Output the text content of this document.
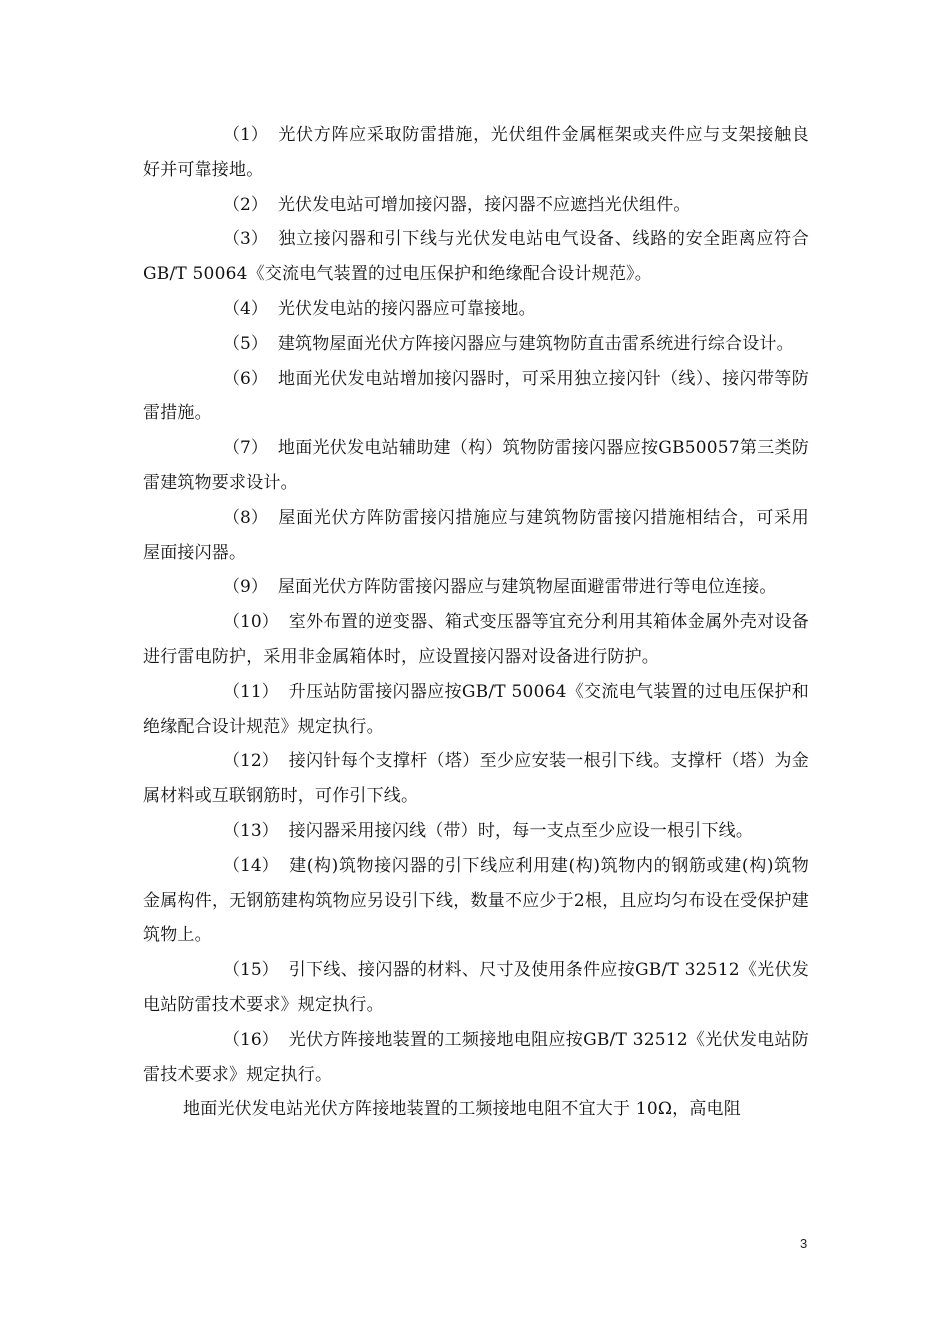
（1） 光伏方阵应采取防雷措施，光伏组件金属框架或夹件应与支架接触良好并可靠接地。

（2） 光伏发电站可增加接闪器，接闪器不应遮挡光伏组件。

（3） 独立接闪器和引下线与光伏发电站电气设备、线路的安全距离应符合GB/T 50064《交流电气装置的过电压保护和绝缘配合设计规范》。

（4） 光伏发电站的接闪器应可靠接地。

（5） 建筑物屋面光伏方阵接闪器应与建筑物防直击雷系统进行综合设计。

（6） 地面光伏发电站增加接闪器时，可采用独立接闪针（线）、接闪带等防雷措施。

（7） 地面光伏发电站辅助建（构）筑物防雷接闪器应按GB50057第三类防雷建筑物要求设计。

（8） 屋面光伏方阵防雷接闪措施应与建筑物防雷接闪措施相结合，可采用屋面接闪器。

（9） 屋面光伏方阵防雷接闪器应与建筑物屋面避雷带进行等电位连接。

（10） 室外布置的逆变器、箱式变压器等宜充分利用其箱体金属外壳对设备进行雷电防护，采用非金属箱体时，应设置接闪器对设备进行防护。

（11） 升压站防雷接闪器应按GB/T 50064《交流电气装置的过电压保护和绝缘配合设计规范》规定执行。

（12） 接闪针每个支撑杆（塔）至少应安装一根引下线。支撑杆（塔）为金属材料或互联钢筋时，可作引下线。

（13） 接闪器采用接闪线（带）时，每一支点至少应设一根引下线。

（14） 建(构)筑物接闪器的引下线应利用建(构)筑物内的钢筋或建(构)筑物金属构件，无钢筋建构筑物应另设引下线，数量不应少于2根，且应均匀布设在受保护建筑物上。

（15） 引下线、接闪器的材料、尺寸及使用条件应按GB/T 32512《光伏发电站防雷技术要求》规定执行。

（16） 光伏方阵接地装置的工频接地电阻应按GB/T 32512《光伏发电站防雷技术要求》规定执行。

地面光伏发电站光伏方阵接地装置的工频接地电阻不宜大于 10Ω，高电阻

3
